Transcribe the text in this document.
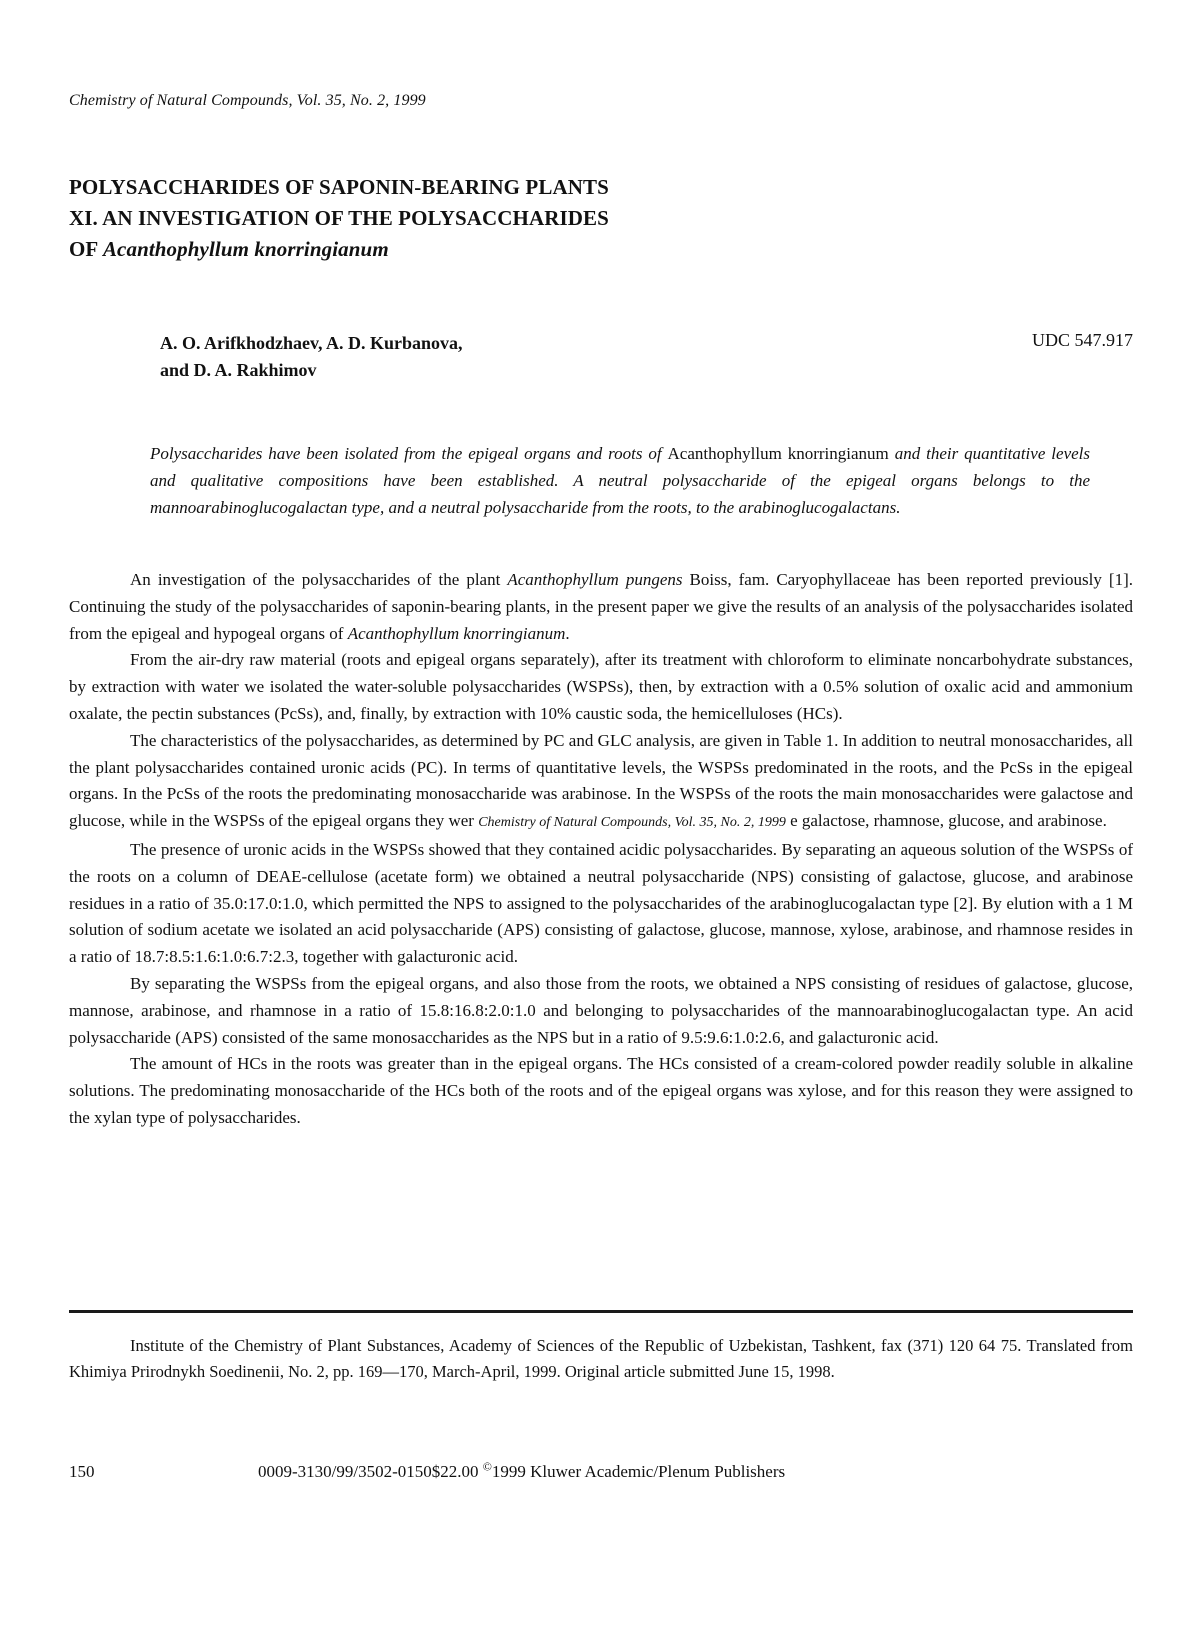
Chemistry of Natural Compounds, Vol. 35, No. 2, 1999
POLYSACCHARIDES OF SAPONIN-BEARING PLANTS
XI. AN INVESTIGATION OF THE POLYSACCHARIDES
OF Acanthophyllum knorringianum
A. O. Arifkhodzhaev, A. D. Kurbanova,
and D. A. Rakhimov
UDC 547.917
Polysaccharides have been isolated from the epigeal organs and roots of Acanthophyllum knorringianum and their quantitative levels and qualitative compositions have been established. A neutral polysaccharide of the epigeal organs belongs to the mannoarabinoglucogalactan type, and a neutral polysaccharide from the roots, to the arabinoglucogalactans.

An investigation of the polysaccharides of the plant Acanthophyllum pungens Boiss, fam. Caryophyllaceae has been reported previously [1]. Continuing the study of the polysaccharides of saponin-bearing plants, in the present paper we give the results of an analysis of the polysaccharides isolated from the epigeal and hypogeal organs of Acanthophyllum knorringianum.

From the air-dry raw material (roots and epigeal organs separately), after its treatment with chloroform to eliminate noncarbohydrate substances, by extraction with water we isolated the water-soluble polysaccharides (WSPSs), then, by extraction with a 0.5% solution of oxalic acid and ammonium oxalate, the pectin substances (PcSs), and, finally, by extraction with 10% caustic soda, the hemicelluloses (HCs).

The characteristics of the polysaccharides, as determined by PC and GLC analysis, are given in Table 1. In addition to neutral monosaccharides, all the plant polysaccharides contained uronic acids (PC). In terms of quantitative levels, the WSPSs predominated in the roots, and the PcSs in the epigeal organs. In the PcSs of the roots the predominating monosaccharide was arabinose. In the WSPSs of the roots the main monosaccharides were galactose and glucose, while in the WSPSs of the epigeal organs they wer Chemistry of Natural Compounds, Vol. 35, No. 2, 1999 e galactose, rhamnose, glucose, and arabinose.

The presence of uronic acids in the WSPSs showed that they contained acidic polysaccharides. By separating an aqueous solution of the WSPSs of the roots on a column of DEAE-cellulose (acetate form) we obtained a neutral polysaccharide (NPS) consisting of galactose, glucose, and arabinose residues in a ratio of 35.0:17.0:1.0, which permitted the NPS to assigned to the polysaccharides of the arabinoglucogalactan type [2]. By elution with a 1 M solution of sodium acetate we isolated an acid polysaccharide (APS) consisting of galactose, glucose, mannose, xylose, arabinose, and rhamnose resides in a ratio of 18.7:8.5:1.6:1.0:6.7:2.3, together with galacturonic acid.

By separating the WSPSs from the epigeal organs, and also those from the roots, we obtained a NPS consisting of residues of galactose, glucose, mannose, arabinose, and rhamnose in a ratio of 15.8:16.8:2.0:1.0 and belonging to polysaccharides of the mannoarabinoglucogalactan type. An acid polysaccharide (APS) consisted of the same monosaccharides as the NPS but in a ratio of 9.5:9.6:1.0:2.6, and galacturonic acid.

The amount of HCs in the roots was greater than in the epigeal organs. The HCs consisted of a cream-colored powder readily soluble in alkaline solutions. The predominating monosaccharide of the HCs both of the roots and of the epigeal organs was xylose, and for this reason they were assigned to the xylan type of polysaccharides.

Institute of the Chemistry of Plant Substances, Academy of Sciences of the Republic of Uzbekistan, Tashkent, fax (371) 120 64 75. Translated from Khimiya Prirodnykh Soedinenii, No. 2, pp. 169—170, March-April, 1999. Original article submitted June 15, 1998.
150	0009-3130/99/3502-0150$22.00 ©1999 Kluwer Academic/Plenum Publishers
